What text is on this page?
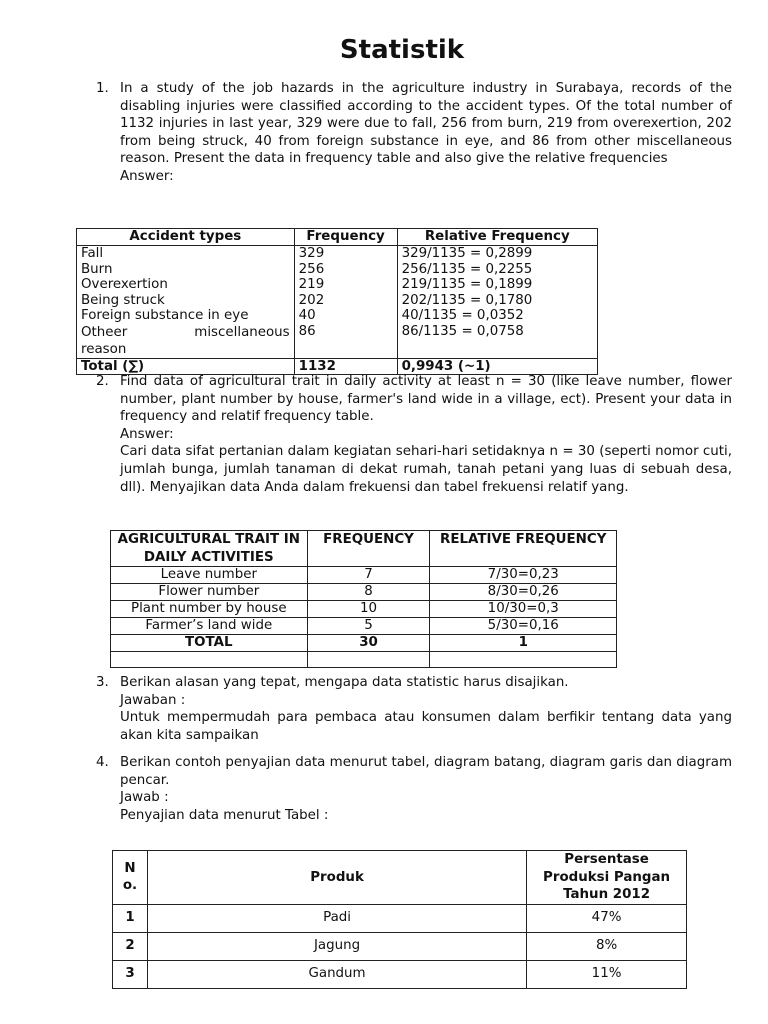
Statistik
1. In a study of the job hazards in the agriculture industry in Surabaya, records of the disabling injuries were classified according to the accident types. Of the total number of 1132 injuries in last year, 329 were due to fall, 256 from burn, 219 from overexertion, 202 from being struck, 40 from foreign substance in eye, and 86 from other miscellaneous reason. Present the data in frequency table and also give the relative frequencies
Answer:
Accident types	Frequency	Relative Frequency
Fall	329	329/1135 = 0,2899
Burn	256	256/1135 = 0,2255
Overexertion	219	219/1135 = 0,1899
Being struck	202	202/1135 = 0,1780
Foreign substance in eye	40	40/1135 = 0,0352

Otheer miscellaneous
reason	86	86/1135 = 0,0758
Total (∑)	1132	0,9943 (~1)
2. Find data of agricultural trait in daily activity at least n = 30 (like leave number, flower number, plant number by house, farmer's land wide in a village, ect). Present your data in frequency and relatif frequency table.
Answer:
Cari data sifat pertanian dalam kegiatan sehari-hari setidaknya n = 30 (seperti nomor cuti, jumlah bunga, jumlah tanaman di dekat rumah, tanah petani yang luas di sebuah desa, dll). Menyajikan data Anda dalam frekuensi dan tabel frekuensi relatif yang.
AGRICULTURAL TRAIT IN DAILY ACTIVITIES	FREQUENCY	RELATIVE FREQUENCY
Leave number	7	7/30=0,23
Flower number	8	8/30=0,26
Plant number by house	10	10/30=0,3
Farmer’s land wide	5	5/30=0,16
TOTAL	30	1

3. Berikan alasan yang tepat, mengapa data statistic harus disajikan.
Jawaban :
Untuk mempermudah para pembaca atau konsumen dalam berfikir tentang data yang akan kita sampaikan
4. Berikan contoh penyajian data menurut tabel, diagram batang, diagram garis dan diagram pencar.
Jawab :
Penyajian data menurut Tabel :
N o.	Produk	Persentase Produksi Pangan Tahun 2012
1	Padi	47%
2	Jagung	8%
3	Gandum	11%
